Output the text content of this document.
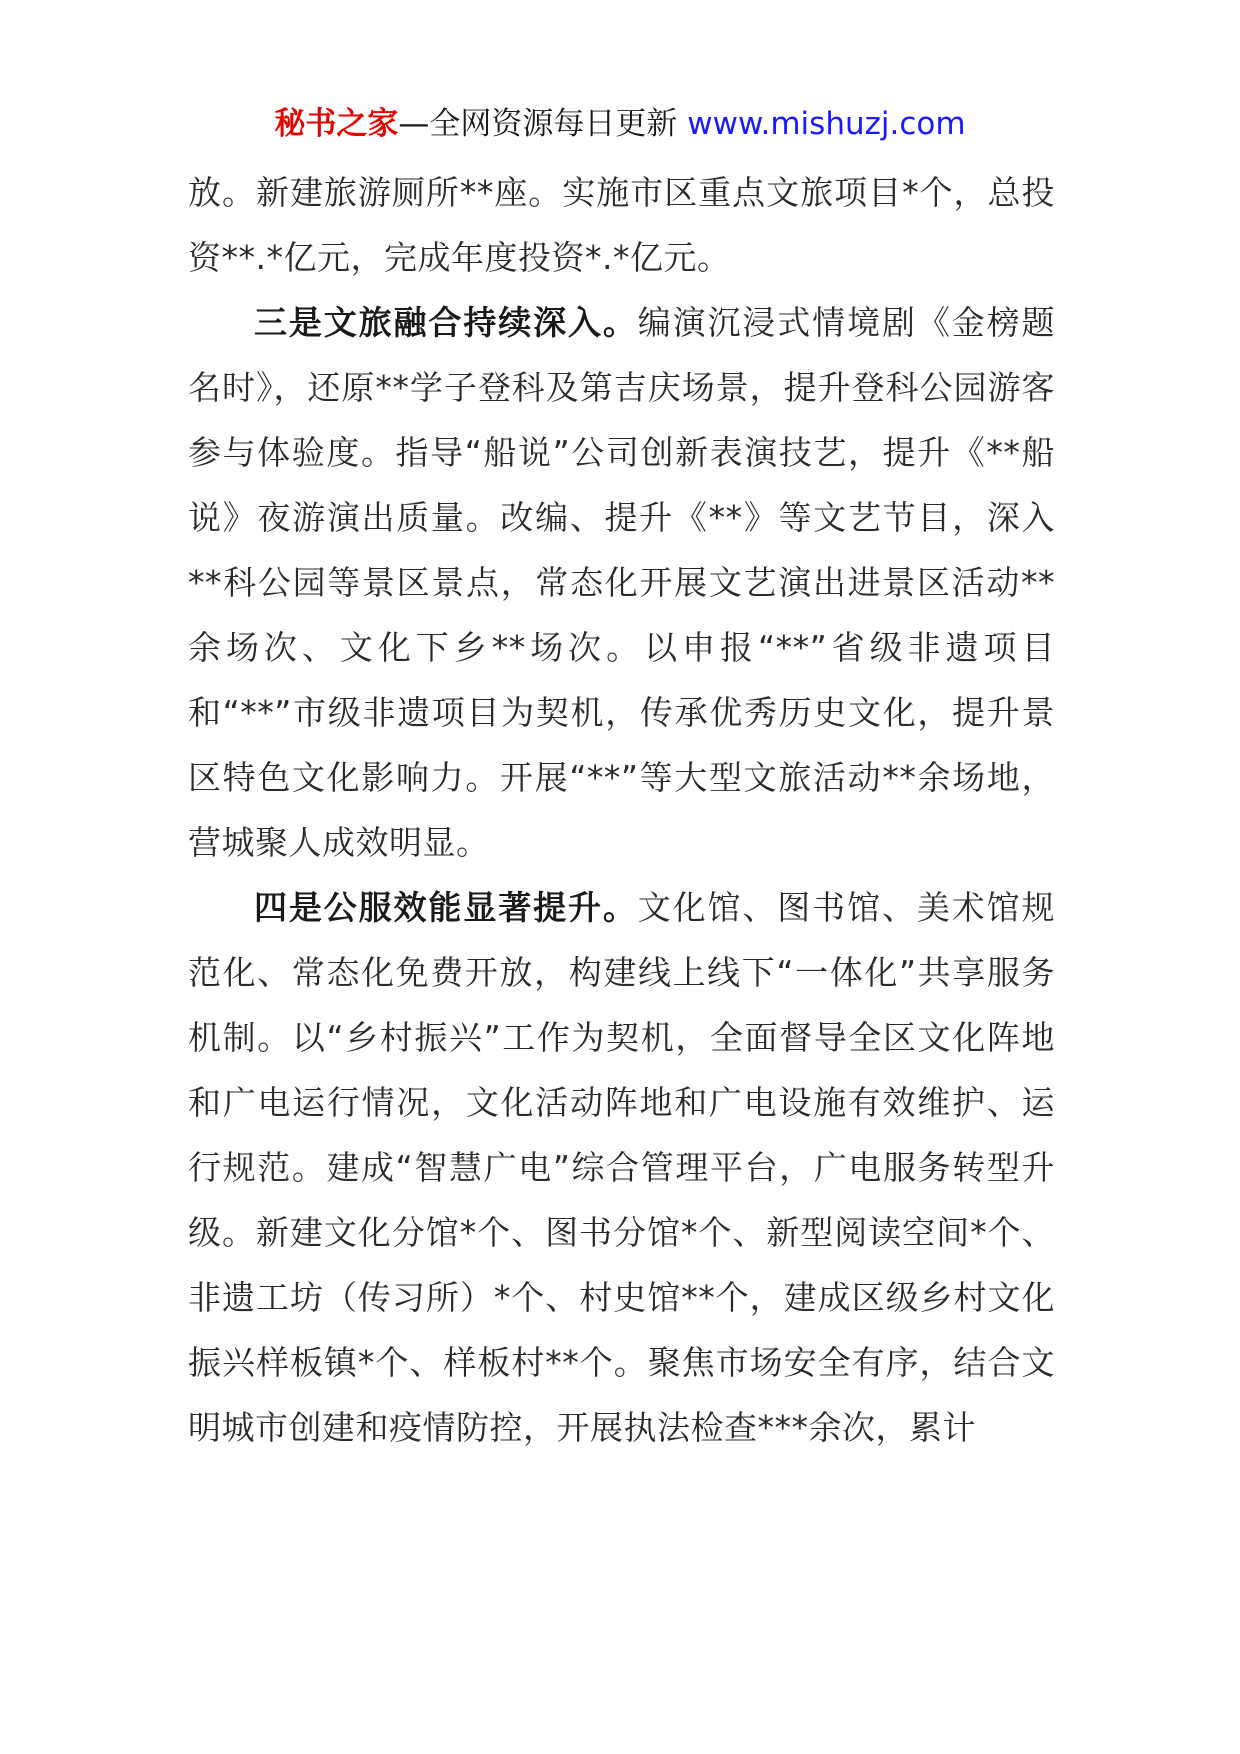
秘书之家—全网资源每日更新 www.mishuzj.com

放。新建旅游厕所**座。实施市区重点文旅项目*个，总投资**.*亿元，完成年度投资*.*亿元。

三是文旅融合持续深入。编演沉浸式情境剧《金榜题名时》，还原**学子登科及第吉庆场景，提升登科公园游客参与体验度。指导“船说”公司创新表演技艺，提升《**船说》夜游演出质量。改编、提升《**》等文艺节目，深入**科公园等景区景点，常态化开展文艺演出进景区活动**余场次、文化下乡**场次。以申报“**”省级非遗项目和“**”市级非遗项目为契机，传承优秀历史文化，提升景区特色文化影响力。开展“**”等大型文旅活动**余场地，营城聚人成效明显。

四是公服效能显著提升。文化馆、图书馆、美术馆规范化、常态化免费开放，构建线上线下“一体化”共享服务机制。以“乡村振兴”工作为契机，全面督导全区文化阵地和广电运行情况，文化活动阵地和广电设施有效维护、运行规范。建成“智慧广电”综合管理平台，广电服务转型升级。新建文化分馆*个、图书分馆*个、新型阅读空间*个、非遗工坊（传习所）*个、村史馆**个，建成区级乡村文化振兴样板镇*个、样板村**个。聚焦市场安全有序，结合文明城市创建和疫情防控，开展执法检查***余次，累计
